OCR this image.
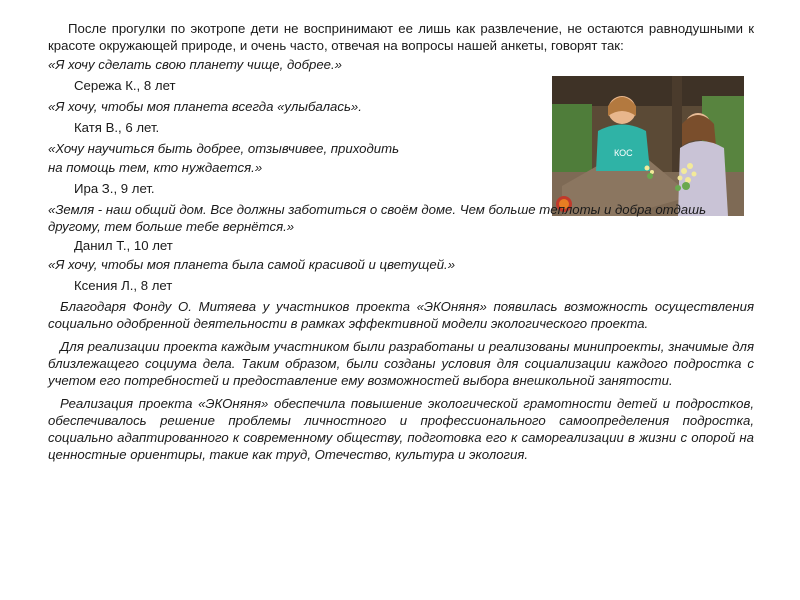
КОС

После прогулки по экотропе дети не воспринимают ее лишь как развлечение, не остаются равнодушными к красоте окружающей природе, и очень часто, отвечая на вопросы нашей анкеты, говорят так:

«Я хочу сделать свою планету чище, добрее.»

Сережа К., 8 лет

«Я хочу, чтобы моя планета всегда «улыбалась».

Катя В., 6 лет.

«Хочу научиться быть добрее, отзывчивее, приходить

на помощь тем, кто нуждается.»

Ира З., 9 лет.

«Земля - наш общий дом. Все должны заботиться о своём доме. Чем больше теплоты и добра отдашь другому, тем больше тебе вернётся.»

Данил Т., 10 лет

«Я хочу, чтобы моя планета была самой красивой и цветущей.»

Ксения Л., 8 лет

Благодаря Фонду О. Митяева у участников проекта «ЭКОняня» появилась возможность осуществления социально одобренной деятельности в рамках эффективной модели экологического проекта.

Для реализации проекта каждым участником были разработаны и реализованы минипроекты, значимые для близлежащего социума дела. Таким образом, были созданы условия для социализации каждого подростка с учетом его потребностей и предоставление ему возможностей выбора внешкольной занятости.

Реализация проекта «ЭКОняня» обеспечила повышение экологической грамотности детей и подростков, обеспечивалось решение проблемы личностного и профессионального самоопределения подростка, социально адаптированного к современному обществу, подготовка его к самореализации в жизни с опорой на ценностные ориентиры, такие как труд, Отечество, культура и экология.
